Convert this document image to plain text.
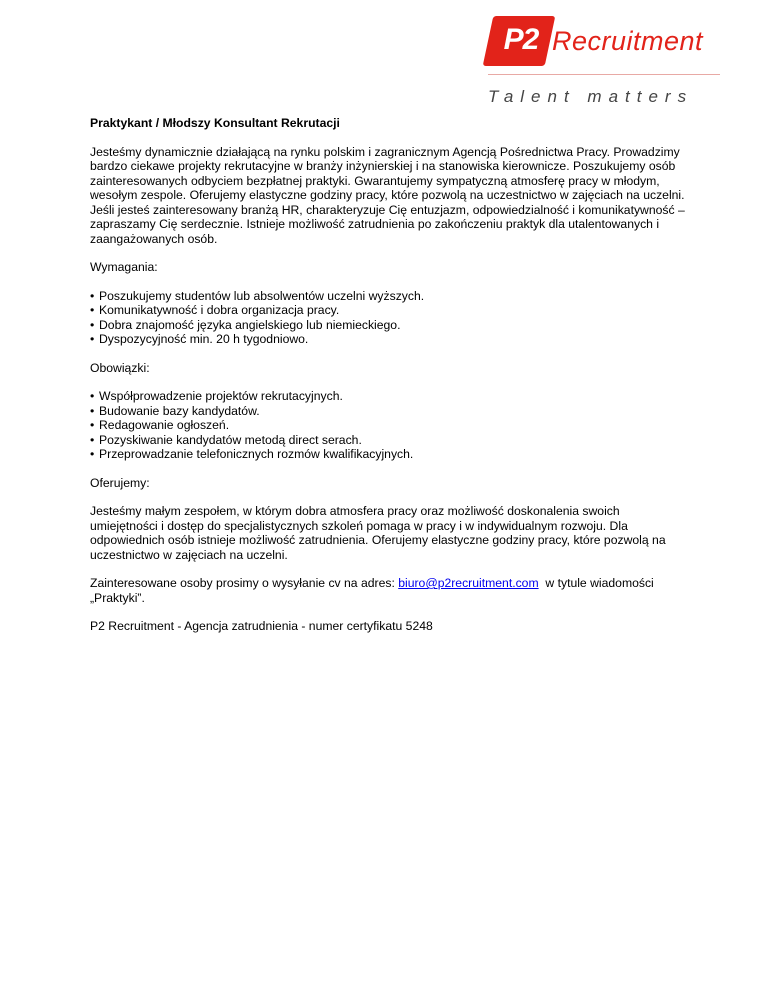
P2 Recruitment
Talent matters
Praktykant / Młodszy Konsultant Rekrutacji

Jesteśmy dynamicznie działającą na rynku polskim i zagranicznym Agencją Pośrednictwa Pracy. Prowadzimy bardzo ciekawe projekty rekrutacyjne w branży inżynierskiej i na stanowiska kierownicze. Poszukujemy osób zainteresowanych odbyciem bezpłatnej praktyki. Gwarantujemy sympatyczną atmosferę pracy w młodym, wesołym zespole. Oferujemy elastyczne godziny pracy, które pozwolą na uczestnictwo w zajęciach na uczelni. Jeśli jesteś zainteresowany branżą HR, charakteryzuje Cię entuzjazm, odpowiedzialność i komunikatywność – zapraszamy Cię serdecznie. Istnieje możliwość zatrudnienia po zakończeniu praktyk dla utalentowanych i zaangażowanych osób.

Wymagania:
• Poszukujemy studentów lub absolwentów uczelni wyższych.
• Komunikatywność i dobra organizacja pracy.
• Dobra znajomość języka angielskiego lub niemieckiego.
• Dyspozycyjność min. 20 h tygodniowo.
Obowiązki:
• Współprowadzenie projektów rekrutacyjnych.
• Budowanie bazy kandydatów.
• Redagowanie ogłoszeń.
• Pozyskiwanie kandydatów metodą direct serach.
• Przeprowadzanie telefonicznych rozmów kwalifikacyjnych.
Oferujemy:

Jesteśmy małym zespołem, w którym dobra atmosfera pracy oraz możliwość doskonalenia swoich umiejętności i dostęp do specjalistycznych szkoleń pomaga w pracy i w indywidualnym rozwoju. Dla odpowiednich osób istnieje możliwość zatrudnienia. Oferujemy elastyczne godziny pracy, które pozwolą na uczestnictwo w zajęciach na uczelni.

Zainteresowane osoby prosimy o wysyłanie cv na adres: biuro@p2recruitment.com  w tytule wiadomości „Praktyki”.

P2 Recruitment - Agencja zatrudnienia - numer certyfikatu 5248
